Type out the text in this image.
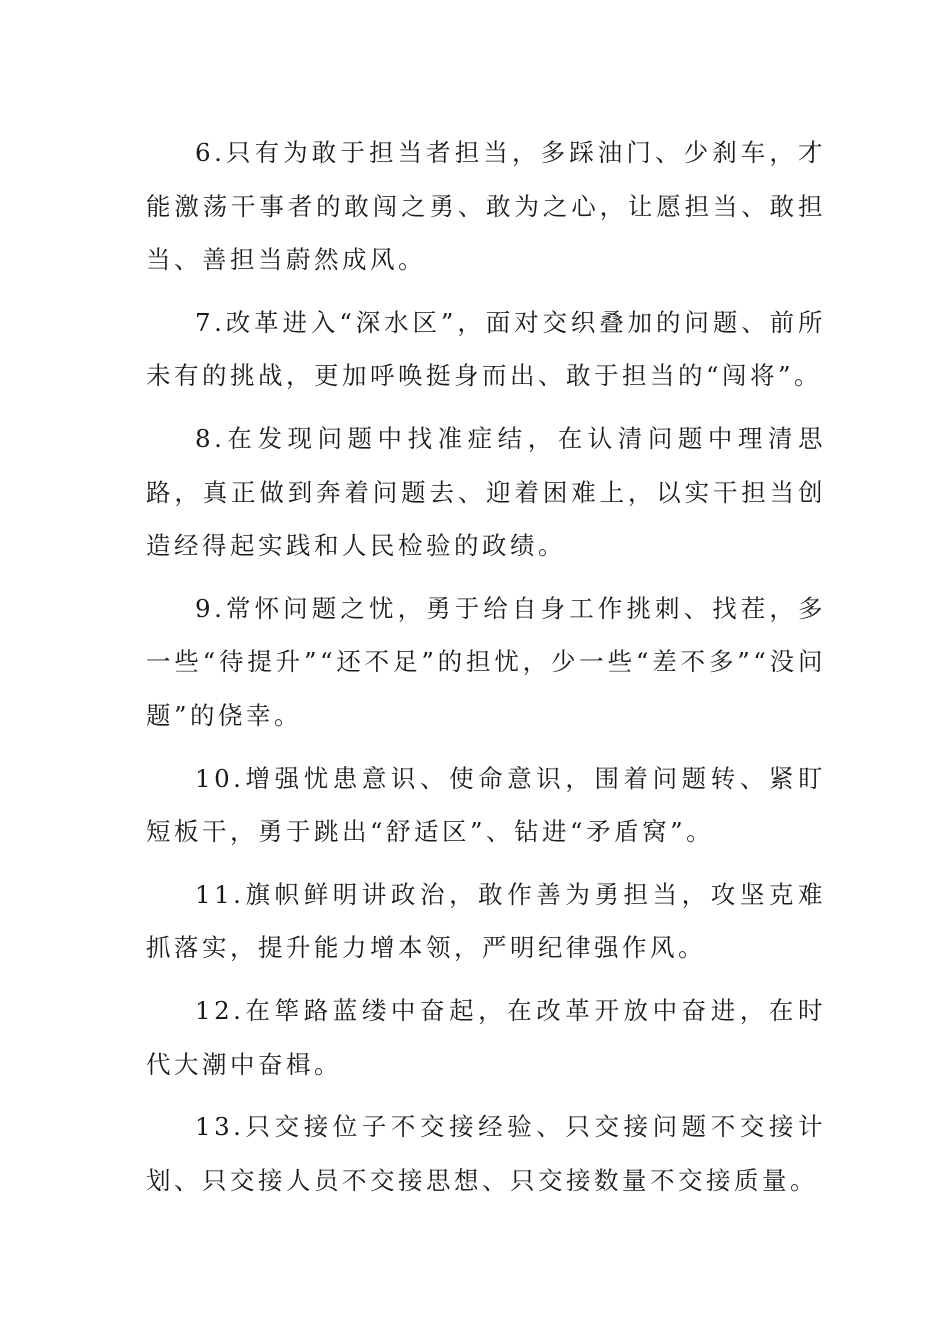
6.只有为敢于担当者担当，多踩油门、少刹车，才能激荡干事者的敢闯之勇、敢为之心，让愿担当、敢担当、善担当蔚然成风。

7.改革进入“深水区”，面对交织叠加的问题、前所未有的挑战，更加呼唤挺身而出、敢于担当的“闯将”。

8.在发现问题中找准症结，在认清问题中理清思路，真正做到奔着问题去、迎着困难上，以实干担当创造经得起实践和人民检验的政绩。

9.常怀问题之忧，勇于给自身工作挑刺、找茬，多一些“待提升”“还不足”的担忧，少一些“差不多”“没问题”的侥幸。

10.增强忧患意识、使命意识，围着问题转、紧盯短板干，勇于跳出“舒适区”、钻进“矛盾窝”。

11.旗帜鲜明讲政治，敢作善为勇担当，攻坚克难抓落实，提升能力增本领，严明纪律强作风。

12.在筚路蓝缕中奋起，在改革开放中奋进，在时代大潮中奋楫。

13.只交接位子不交接经验、只交接问题不交接计划、只交接人员不交接思想、只交接数量不交接质量。
